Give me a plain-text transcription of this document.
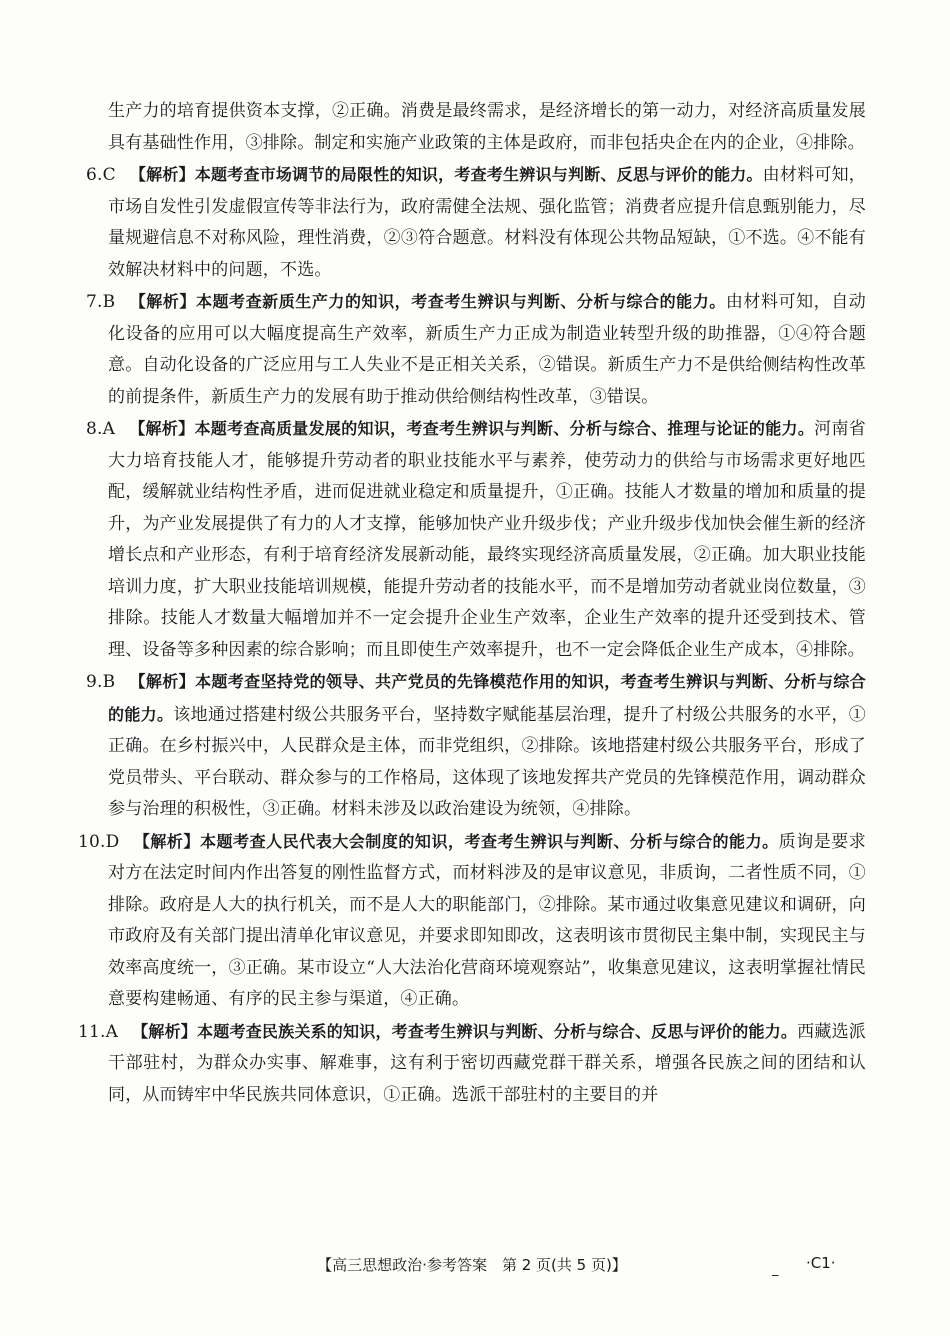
生产力的培育提供资本支撑，②正确。消费是最终需求，是经济增长的第一动力，对经济高质量发展具有基础性作用，③排除。制定和实施产业政策的主体是政府，而非包括央企在内的企业，④排除。
6.C 【解析】本题考查市场调节的局限性的知识，考查考生辨识与判断、反思与评价的能力。由材料可知，市场自发性引发虚假宣传等非法行为，政府需健全法规、强化监管；消费者应提升信息甄别能力，尽量规避信息不对称风险，理性消费，②③符合题意。材料没有体现公共物品短缺，①不选。④不能有效解决材料中的问题，不选。
7.B 【解析】本题考查新质生产力的知识，考查考生辨识与判断、分析与综合的能力。由材料可知，自动化设备的应用可以大幅度提高生产效率，新质生产力正成为制造业转型升级的助推器，①④符合题意。自动化设备的广泛应用与工人失业不是正相关关系，②错误。新质生产力不是供给侧结构性改革的前提条件，新质生产力的发展有助于推动供给侧结构性改革，③错误。
8.A 【解析】本题考查高质量发展的知识，考查考生辨识与判断、分析与综合、推理与论证的能力。河南省大力培育技能人才，能够提升劳动者的职业技能水平与素养，使劳动力的供给与市场需求更好地匹配，缓解就业结构性矛盾，进而促进就业稳定和质量提升，①正确。技能人才数量的增加和质量的提升，为产业发展提供了有力的人才支撑，能够加快产业升级步伐；产业升级步伐加快会催生新的经济增长点和产业形态，有利于培育经济发展新动能，最终实现经济高质量发展，②正确。加大职业技能培训力度，扩大职业技能培训规模，能提升劳动者的技能水平，而不是增加劳动者就业岗位数量，③排除。技能人才数量大幅增加并不一定会提升企业生产效率，企业生产效率的提升还受到技术、管理、设备等多种因素的综合影响；而且即使生产效率提升，也不一定会降低企业生产成本，④排除。
9.B 【解析】本题考查坚持党的领导、共产党员的先锋模范作用的知识，考查考生辨识与判断、分析与综合的能力。该地通过搭建村级公共服务平台，坚持数字赋能基层治理，提升了村级公共服务的水平，①正确。在乡村振兴中，人民群众是主体，而非党组织，②排除。该地搭建村级公共服务平台，形成了党员带头、平台联动、群众参与的工作格局，这体现了该地发挥共产党员的先锋模范作用，调动群众参与治理的积极性，③正确。材料未涉及以政治建设为统领，④排除。
10.D 【解析】本题考查人民代表大会制度的知识，考查考生辨识与判断、分析与综合的能力。质询是要求对方在法定时间内作出答复的刚性监督方式，而材料涉及的是审议意见，非质询，二者性质不同，①排除。政府是人大的执行机关，而不是人大的职能部门，②排除。某市通过收集意见建议和调研，向市政府及有关部门提出清单化审议意见，并要求即知即改，这表明该市贯彻民主集中制，实现民主与效率高度统一，③正确。某市设立“人大法治化营商环境观察站”，收集意见建议，这表明掌握社情民意要构建畅通、有序的民主参与渠道，④正确。
11.A 【解析】本题考查民族关系的知识，考查考生辨识与判断、分析与综合、反思与评价的能力。西藏选派干部驻村，为群众办实事、解难事，这有利于密切西藏党群干群关系，增强各民族之间的团结和认同，从而铸牢中华民族共同体意识，①正确。选派干部驻村的主要目的并
【高三思想政治·参考答案　第 2 页(共 5 页)】	_ ·C1·
